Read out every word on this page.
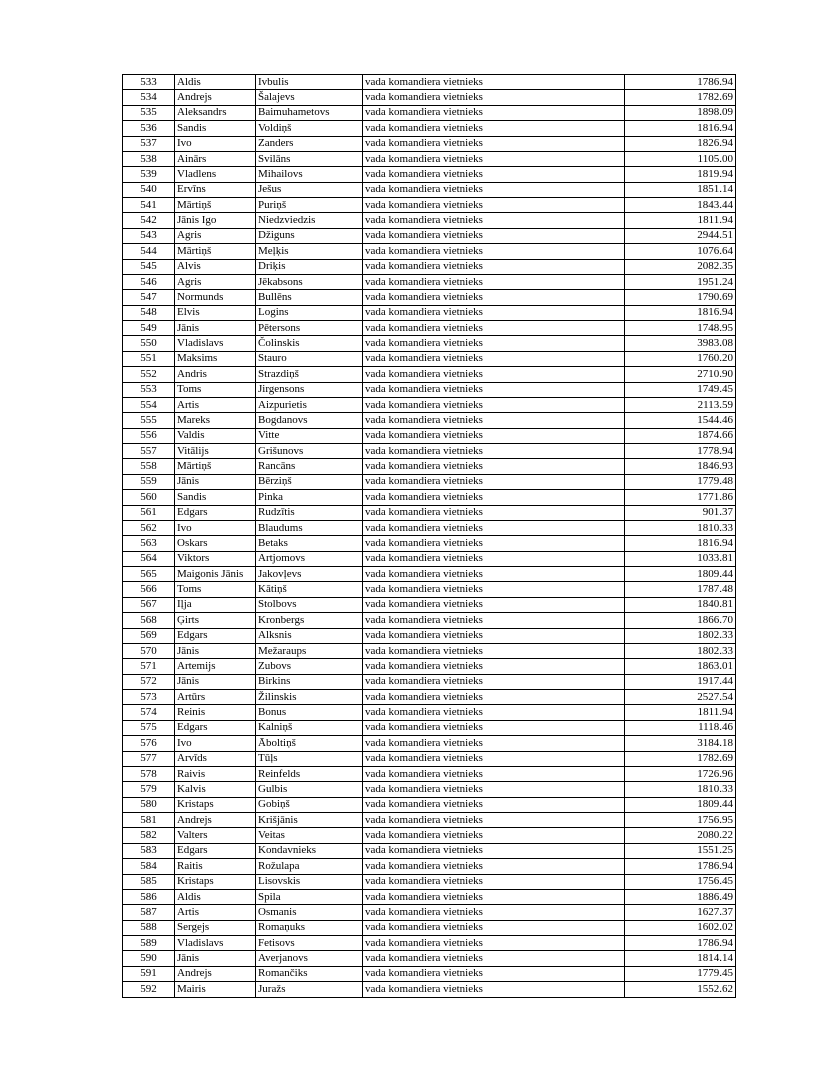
533	Aldis	Ivbulis	vada komandiera vietnieks	1786.94
534	Andrejs	Šalajevs	vada komandiera vietnieks	1782.69
535	Aleksandrs	Baimuhametovs	vada komandiera vietnieks	1898.09
536	Sandis	Voldiņš	vada komandiera vietnieks	1816.94
537	Ivo	Zanders	vada komandiera vietnieks	1826.94
538	Ainārs	Svilāns	vada komandiera vietnieks	1105.00
539	Vladlens	Mihailovs	vada komandiera vietnieks	1819.94
540	Ervīns	Ješus	vada komandiera vietnieks	1851.14
541	Mārtiņš	Puriņš	vada komandiera vietnieks	1843.44
542	Jānis Igo	Niedzviedzis	vada komandiera vietnieks	1811.94
543	Agris	Džiguns	vada komandiera vietnieks	2944.51
544	Mārtiņš	Meļķis	vada komandiera vietnieks	1076.64
545	Alvis	Driķis	vada komandiera vietnieks	2082.35
546	Agris	Jēkabsons	vada komandiera vietnieks	1951.24
547	Normunds	Bullēns	vada komandiera vietnieks	1790.69
548	Elvis	Logins	vada komandiera vietnieks	1816.94
549	Jānis	Pētersons	vada komandiera vietnieks	1748.95
550	Vladislavs	Čolinskis	vada komandiera vietnieks	3983.08
551	Maksims	Stauro	vada komandiera vietnieks	1760.20
552	Andris	Strazdiņš	vada komandiera vietnieks	2710.90
553	Toms	Jirgensons	vada komandiera vietnieks	1749.45
554	Artis	Aizpurietis	vada komandiera vietnieks	2113.59
555	Mareks	Bogdanovs	vada komandiera vietnieks	1544.46
556	Valdis	Vitte	vada komandiera vietnieks	1874.66
557	Vitālijs	Grišunovs	vada komandiera vietnieks	1778.94
558	Mārtiņš	Rancāns	vada komandiera vietnieks	1846.93
559	Jānis	Bērziņš	vada komandiera vietnieks	1779.48
560	Sandis	Pinka	vada komandiera vietnieks	1771.86
561	Edgars	Rudzītis	vada komandiera vietnieks	901.37
562	Ivo	Blaudums	vada komandiera vietnieks	1810.33
563	Oskars	Betaks	vada komandiera vietnieks	1816.94
564	Viktors	Artjomovs	vada komandiera vietnieks	1033.81
565	Maigonis Jānis	Jakovļevs	vada komandiera vietnieks	1809.44
566	Toms	Kātiņš	vada komandiera vietnieks	1787.48
567	Iļja	Stolbovs	vada komandiera vietnieks	1840.81
568	Ģirts	Kronbergs	vada komandiera vietnieks	1866.70
569	Edgars	Alksnis	vada komandiera vietnieks	1802.33
570	Jānis	Mežaraups	vada komandiera vietnieks	1802.33
571	Artemijs	Zubovs	vada komandiera vietnieks	1863.01
572	Jānis	Birkins	vada komandiera vietnieks	1917.44
573	Artūrs	Žilinskis	vada komandiera vietnieks	2527.54
574	Reinis	Bonus	vada komandiera vietnieks	1811.94
575	Edgars	Kalniņš	vada komandiera vietnieks	1118.46
576	Ivo	Āboltiņš	vada komandiera vietnieks	3184.18
577	Arvīds	Tūļs	vada komandiera vietnieks	1782.69
578	Raivis	Reinfelds	vada komandiera vietnieks	1726.96
579	Kalvis	Gulbis	vada komandiera vietnieks	1810.33
580	Kristaps	Gobiņš	vada komandiera vietnieks	1809.44
581	Andrejs	Krišjānis	vada komandiera vietnieks	1756.95
582	Valters	Veitas	vada komandiera vietnieks	2080.22
583	Edgars	Kondavnieks	vada komandiera vietnieks	1551.25
584	Raitis	Rožulapa	vada komandiera vietnieks	1786.94
585	Kristaps	Lisovskis	vada komandiera vietnieks	1756.45
586	Aldis	Spila	vada komandiera vietnieks	1886.49
587	Artis	Osmanis	vada komandiera vietnieks	1627.37
588	Sergejs	Romaņuks	vada komandiera vietnieks	1602.02
589	Vladislavs	Fetisovs	vada komandiera vietnieks	1786.94
590	Jānis	Averjanovs	vada komandiera vietnieks	1814.14
591	Andrejs	Romančiks	vada komandiera vietnieks	1779.45
592	Mairis	Juražs	vada komandiera vietnieks	1552.62
